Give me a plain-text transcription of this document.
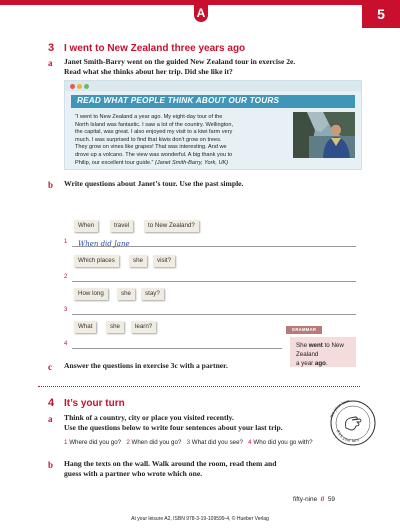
A	5
3 I went to New Zealand three years ago
a Janet Smith-Barry went on the guided New Zealand tour in exercise 2e.
Read what she thinks about her trip. Did she like it?
READ WHAT PEOPLE THINK ABOUT OUR TOURS
“I went to New Zealand a year ago. My eight-day tour of the
North Island was fantastic. I saw a lot of the country. Wellington,
the capital, was great. I also enjoyed my visit to a kiwi farm very
much. I was surprised to find that kiwis don’t grow on trees.
They grow on vines like grapes! That was interesting. And we
drove up a volcano. The view was wonderful. A big thank you to
Philip, our excellent tour guide.” (Janet Smith-Barry, York, UK)
b Write questions about Janet’s tour. Use the past simple.
When	travel	to New Zealand?
1 When did Jane
Which places	she	visit?
2
How long	she	stay?
3
What	she	learn?
4
GRAMMAR
She went to New Zealand
a year ago.
c Answer the questions in exercise 3c with a partner.
4 It’s your turn
a Think of a country, city or place you visited recently.
Use the questions below to write four sentences about your last trip.
1 Where did you go? 2 When did you go? 3 What did you see? 4 Who did you go with?
b Hang the texts on the wall. Walk around the room, read them and
guess with a partner who wrote which one.
It’s your turn
If it’s your turn
fifty-nine // 59
At your leisure A2, ISBN 978-3-19-109599-4, © Hueber Verlag
